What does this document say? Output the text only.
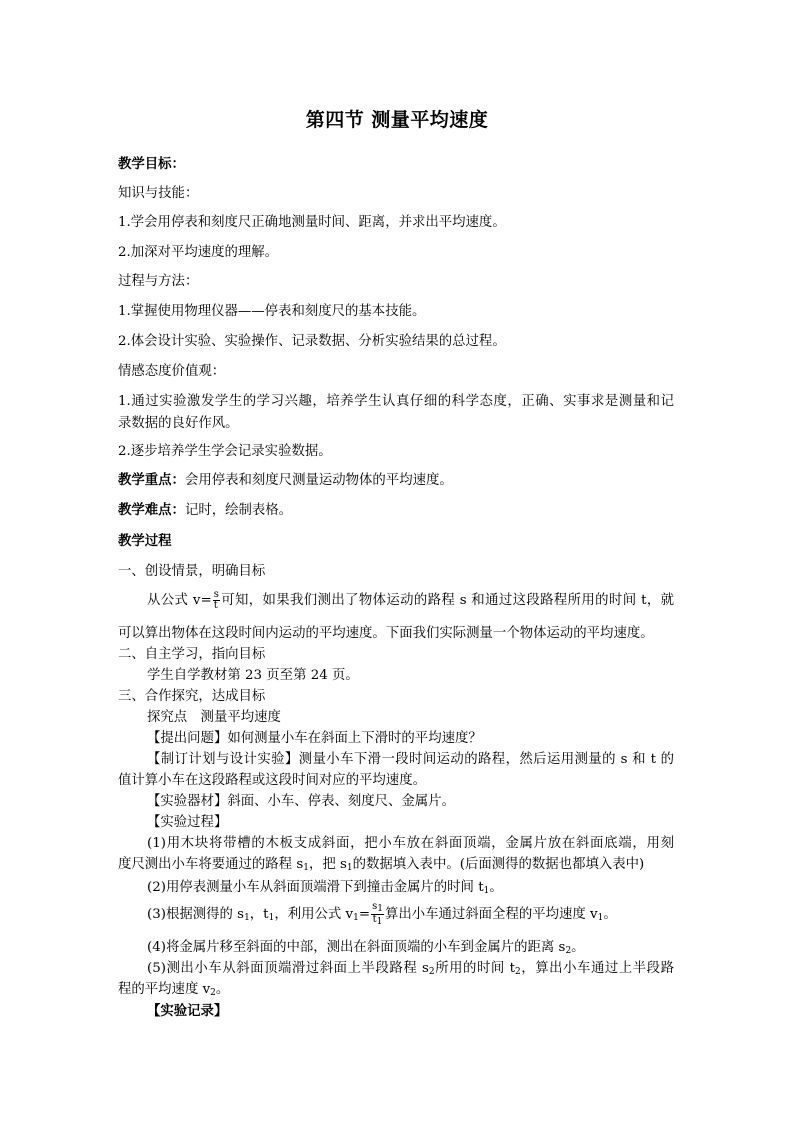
第四节 测量平均速度
教学目标：
知识与技能：
1.学会用停表和刻度尺正确地测量时间、距离，并求出平均速度。
2.加深对平均速度的理解。
过程与方法：
1.掌握使用物理仪器——停表和刻度尺的基本技能。
2.体会设计实验、实验操作、记录数据、分析实验结果的总过程。
情感态度价值观：
1.通过实验激发学生的学习兴趣，培养学生认真仔细的科学态度，正确、实事求是测量和记
录数据的良好作风。
2.逐步培养学生学会记录实验数据。
教学重点：会用停表和刻度尺测量运动物体的平均速度。
教学难点：记时，绘制表格。
教学过程
一、创设情景，明确目标
从公式 $v= \frac{s}{t}$ 可知，如果我们测出了物体运动的路程 s 和通过这段路程所用的时间 t，就
可以算出物体在这段时间内运动的平均速度。下面我们实际测量一个物体运动的平均速度。
二、自主学习，指向目标
学生自学教材第 23 页至第 24 页。
三、合作探究，达成目标
探究点　测量平均速度
【提出问题】如何测量小车在斜面上下滑时的平均速度？
【制订计划与设计实验】测量小车下滑一段时间运动的路程，然后运用测量的 s 和 t 的
值计算小车在这段路程或这段时间对应的平均速度。
【实验器材】斜面、小车、停表、刻度尺、金属片。
【实验过程】
(1)用木块将带槽的木板支成斜面，把小车放在斜面顶端，金属片放在斜面底端，用刻
度尺测出小车将要通过的路程 $s_1$，把 $s_1$的数据填入表中。(后面测得的数据也都填入表中)
(2)用停表测量小车从斜面顶端滑下到撞击金属片的时间 $t_1$。
(3)根据测得的 $s_1$，$t_1$，利用公式 $v_1= \frac{s_1}{t_1}$ 算出小车通过斜面全程的平均速度 $v_1$。
(4)将金属片移至斜面的中部，测出在斜面顶端的小车到金属片的距离 $s_2$。
(5)测出小车从斜面顶端滑过斜面上半段路程 $s_2$所用的时间 $t_2$，算出小车通过上半段路
程的平均速度 $v_2$。
【实验记录】
